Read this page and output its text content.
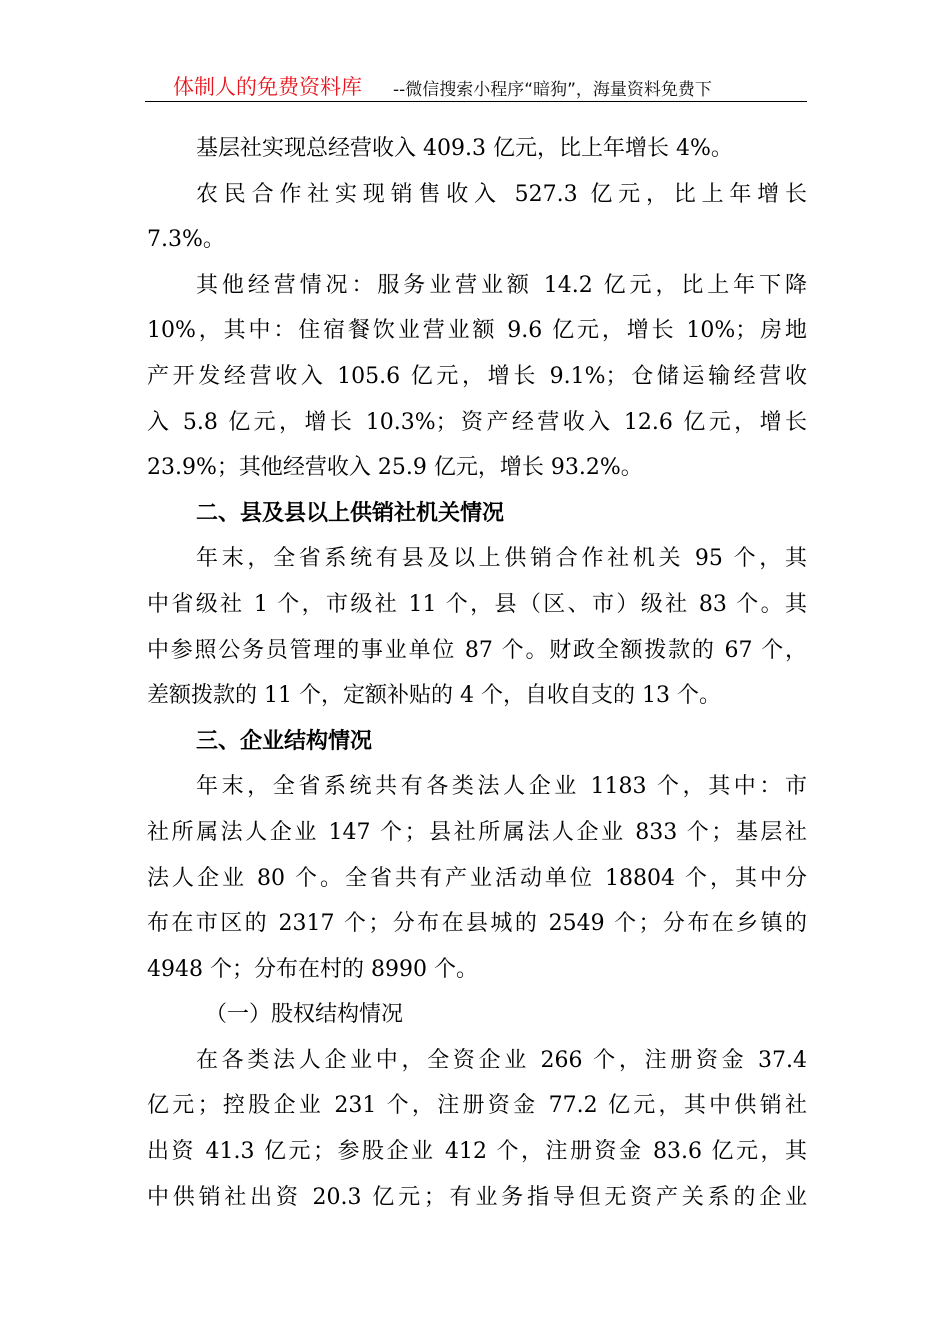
体制人的免费资料库 --微信搜索小程序“暗狗”，海量资料免费下
基层社实现总经营收入 409.3 亿元，比上年增长 4%。
农民合作社实现销售收入 527.3 亿元，比上年增长
7.3%。
其他经营情况：服务业营业额 14.2 亿元，比上年下降
10%，其中：住宿餐饮业营业额 9.6 亿元，增长 10%；房地
产开发经营收入 105.6 亿元，增长 9.1%；仓储运输经营收
入 5.8 亿元，增长 10.3%；资产经营收入 12.6 亿元，增长
23.9%；其他经营收入 25.9 亿元，增长 93.2%。
二、县及县以上供销社机关情况
年末，全省系统有县及以上供销合作社机关 95 个，其
中省级社 1 个，市级社 11 个，县（区、市）级社 83 个。其
中参照公务员管理的事业单位 87 个。财政全额拨款的 67 个，
差额拨款的 11 个，定额补贴的 4 个，自收自支的 13 个。
三、企业结构情况
年末，全省系统共有各类法人企业 1183 个，其中：市
社所属法人企业 147 个；县社所属法人企业 833 个；基层社
法人企业 80 个。全省共有产业活动单位 18804 个，其中分
布在市区的 2317 个；分布在县城的 2549 个；分布在乡镇的
4948 个；分布在村的 8990 个。
（一）股权结构情况
在各类法人企业中，全资企业 266 个，注册资金 37.4
亿元；控股企业 231 个，注册资金 77.2 亿元，其中供销社
出资 41.3 亿元；参股企业 412 个，注册资金 83.6 亿元，其
中供销社出资 20.3 亿元；有业务指导但无资产关系的企业
